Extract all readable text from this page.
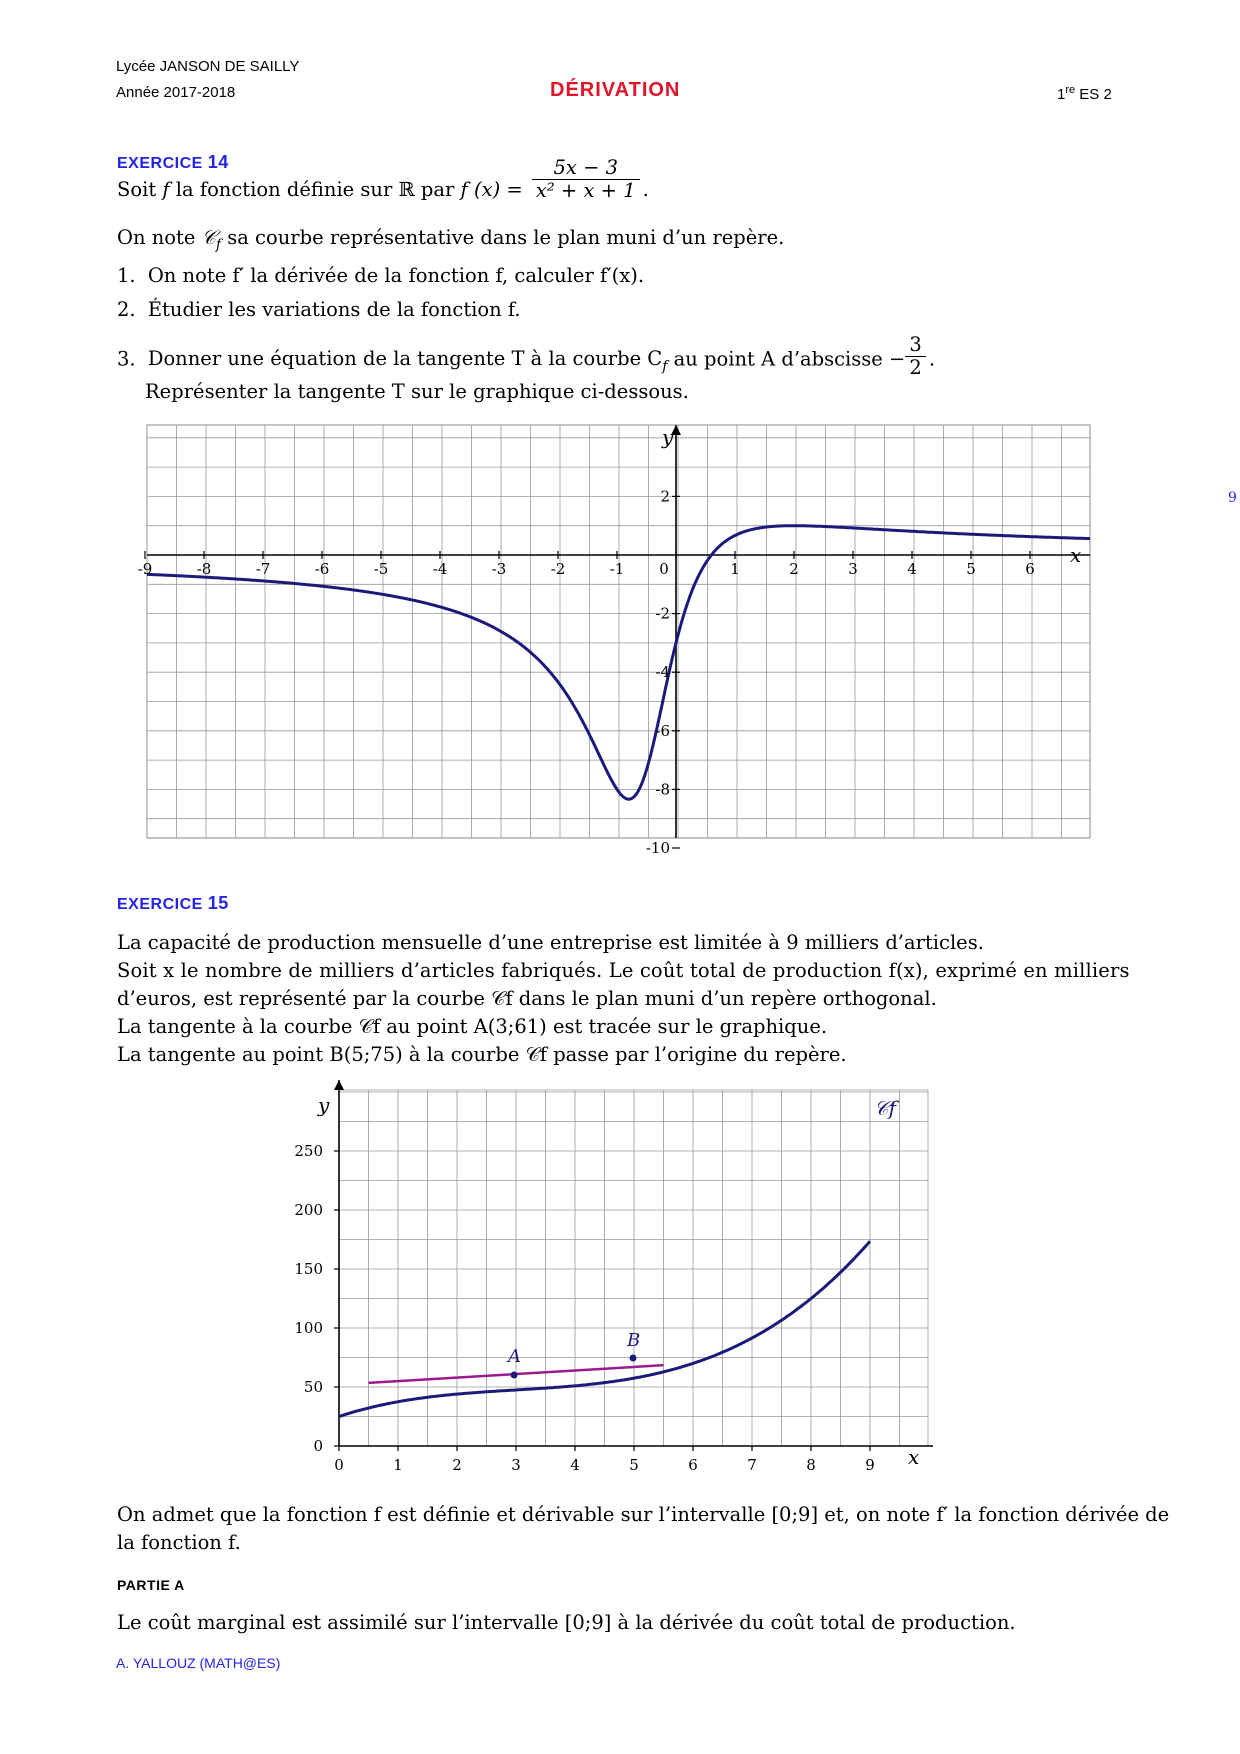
Lycée JANSON DE SAILLY
Année 2017-2018	DÉRIVATION	1re ES 2
EXERCICE 14
Soit f la fonction définie sur ℝ par f $(x) = \frac{5x - 3}{\text{x² + x + 1}}$ .
On note 𝒞$_f$ sa courbe représentative dans le plan muni d’un repère.
1. On note f′ la dérivée de la fonction f, calculer f′(x).
2. Étudier les variations de la fonction f.
3. Donner une équation de la tangente T à la courbe $C_f$ au point A d’abscisse − $\frac{3}{2}$ .
Représenter la tangente T sur le graphique ci-dessous.
-9	-8	-7	-6	-5	-4	-3	-2	-1 0	1	2	3	4	5	6
2
-2
-4
-6
-8
-10
y
x
A
B
𝒞f
0	1	2	3	4	5	6	7	8	9
0
50
100
150
200
250
y
x
EXERCICE 15
La capacité de production mensuelle d’une entreprise est limitée à 9 milliers d’articles.
Soit x le nombre de milliers d’articles fabriqués. Le coût total de production f(x), exprimé en milliers
d’euros, est représenté par la courbe 𝒞f dans le plan muni d’un repère orthogonal.
La tangente à la courbe 𝒞f au point A(3;61) est tracée sur le graphique.
La tangente au point B(5;75) à la courbe 𝒞f passe par l’origine du repère.
On admet que la fonction f est définie et dérivable sur l’intervalle [0;9] et, on note f′ la fonction dérivée de
la fonction f.
PARTIE A
Le coût marginal est assimilé sur l’intervalle [0;9] à la dérivée du coût total de production.
A. YALLOUZ (MATH@ES)
9
